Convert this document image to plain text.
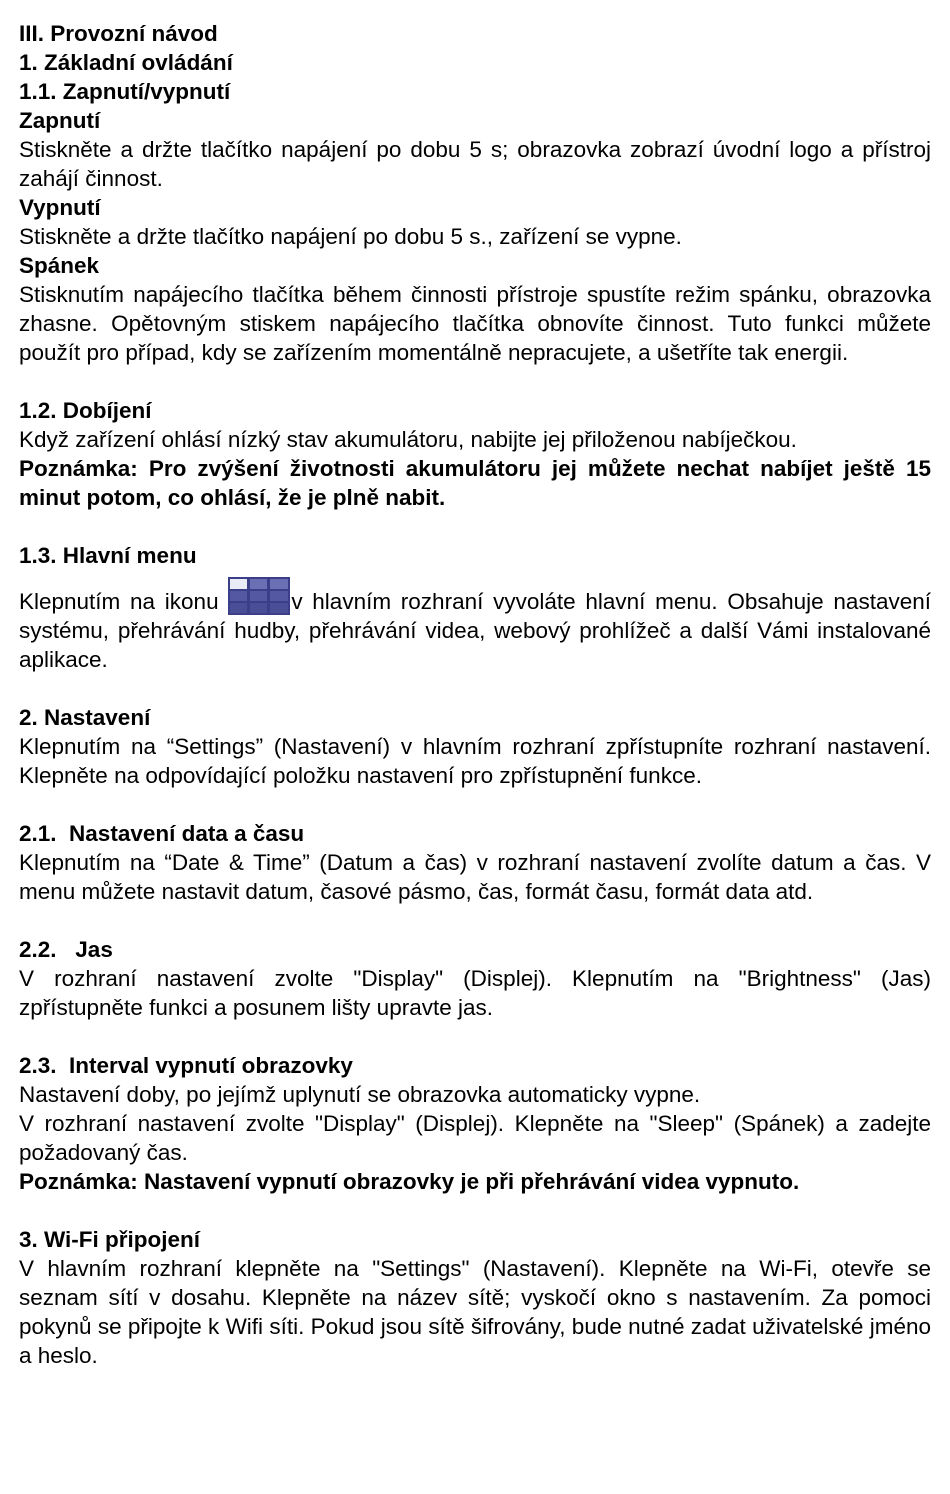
III. Provozní návod

1. Základní ovládání

1.1. Zapnutí/vypnutí

Zapnutí

Stiskněte a držte tlačítko napájení po dobu 5 s; obrazovka zobrazí úvodní logo a přístroj zahájí činnost.

Vypnutí

Stiskněte a držte tlačítko napájení po dobu 5 s., zařízení se vypne.

Spánek

Stisknutím napájecího tlačítka během činnosti přístroje spustíte režim spánku, obrazovka zhasne. Opětovným stiskem napájecího tlačítka obnovíte činnost. Tuto funkci můžete použít pro případ, kdy se zařízením momentálně nepracujete, a ušetříte tak energii.

1.2. Dobíjení

Když zařízení ohlásí nízký stav akumulátoru, nabijte jej přiloženou nabíječkou.

Poznámka: Pro zvýšení životnosti akumulátoru jej můžete nechat nabíjet ještě 15 minut potom, co ohlásí, že je plně nabit.

1.3. Hlavní menu

Klepnutím na ikonu	v hlavním rozhraní vyvoláte hlavní menu. Obsahuje nastavení systému, přehrávání hudby, přehrávání videa, webový prohlížeč a další Vámi instalované aplikace.

2. Nastavení

Klepnutím na “Settings” (Nastavení) v hlavním rozhraní zpřístupníte rozhraní nastavení. Klepněte na odpovídající položku nastavení pro zpřístupnění funkce.

2.1. Nastavení data a času

Klepnutím na “Date & Time” (Datum a čas) v rozhraní nastavení zvolíte datum a čas. V menu můžete nastavit datum, časové pásmo, čas, formát času, formát data atd.

2.2. Jas

V rozhraní nastavení zvolte "Display" (Displej). Klepnutím na "Brightness" (Jas) zpřístupněte funkci a posunem lišty upravte jas.

2.3. Interval vypnutí obrazovky

Nastavení doby, po jejímž uplynutí se obrazovka automaticky vypne.

V rozhraní nastavení zvolte "Display" (Displej). Klepněte na "Sleep" (Spánek) a zadejte požadovaný čas.

Poznámka: Nastavení vypnutí obrazovky je při přehrávání videa vypnuto.

3. Wi-Fi připojení

V hlavním rozhraní klepněte na "Settings" (Nastavení). Klepněte na Wi-Fi, otevře se seznam sítí v dosahu. Klepněte na název sítě; vyskočí okno s nastavením. Za pomoci pokynů se připojte k Wifi síti. Pokud jsou sítě šifrovány, bude nutné zadat uživatelské jméno a heslo.
